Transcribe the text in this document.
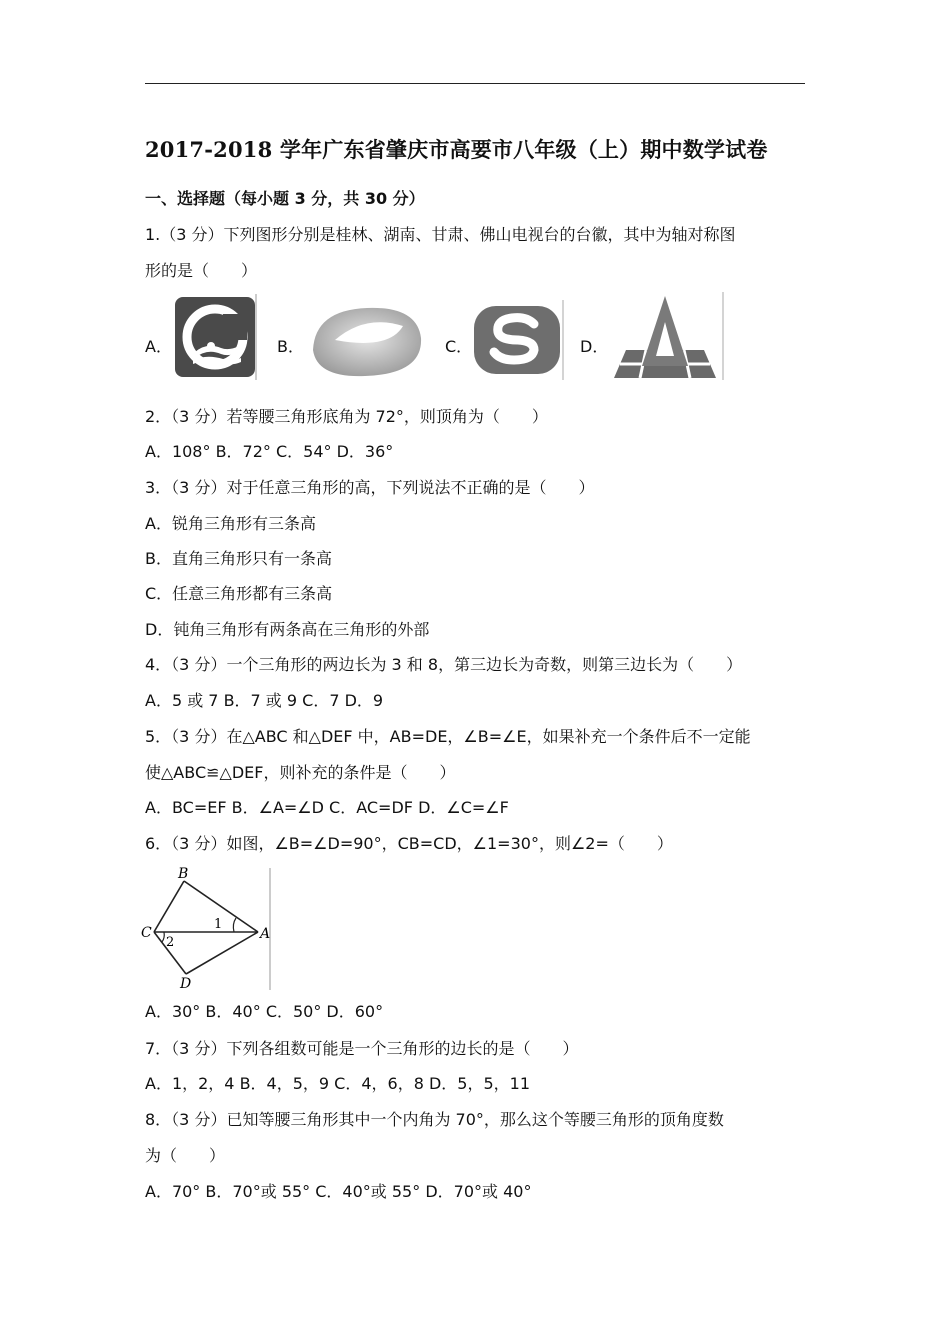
2017-2018 学年广东省肇庆市高要市八年级（上）期中数学试卷
一、选择题（每小题 3 分，共 30 分）
1.（3 分）下列图形分别是桂林、湖南、甘肃、佛山电视台的台徽，其中为轴对称图
形的是（　　）
A．	B．	C．	D．
2．（3 分）若等腰三角形底角为 72°，则顶角为（　　）
A．108° B．72° C．54° D．36°
3．（3 分）对于任意三角形的高，下列说法不正确的是（　　）
A．锐角三角形有三条高
B．直角三角形只有一条高
C．任意三角形都有三条高
D．钝角三角形有两条高在三角形的外部
4．（3 分）一个三角形的两边长为 3 和 8，第三边长为奇数，则第三边长为（　　）
A．5 或 7 B．7 或 9 C．7 D．9
5．（3 分）在△ABC 和△DEF 中，AB=DE，∠B=∠E，如果补充一个条件后不一定能
使△ABC≌△DEF，则补充的条件是（　　）
A．BC=EF B．∠A=∠D C．AC=DF D．∠C=∠F
6．（3 分）如图，∠B=∠D=90°，CB=CD，∠1=30°，则∠2=（　　）
B
C	A
D
1
2
A．30° B．40° C．50° D．60°
7．（3 分）下列各组数可能是一个三角形的边长的是（　　）
A．1，2，4 B．4，5，9 C．4，6，8 D．5，5，11
8．（3 分）已知等腰三角形其中一个内角为 70°，那么这个等腰三角形的顶角度数
为（　　）
A．70° B．70°或 55° C．40°或 55° D．70°或 40°
